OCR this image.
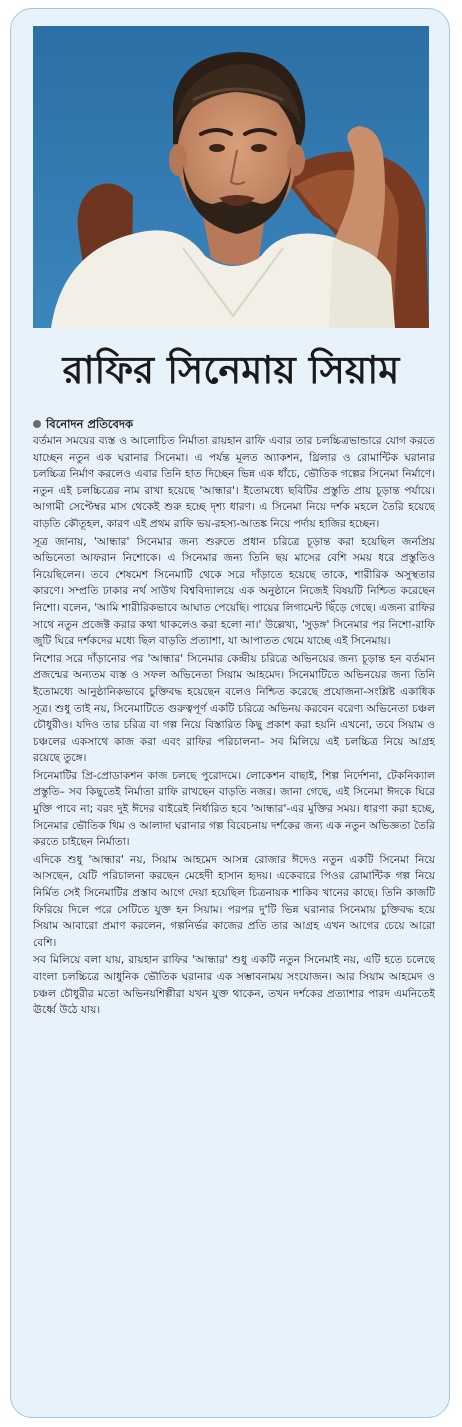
রাফির সিনেমায় সিয়াম
বিনোদন প্রতিবেদক

বর্তমান সময়ের ব্যস্ত ও আলোচিত নির্মাতা রায়হান রাফি এবার তার চলচ্চিত্রভান্ডারে যোগ করতে যাচ্ছেন নতুন এক ঘরানার সিনেমা। এ পর্যন্ত মূলত অ্যাকশন, থ্রিলার ও রোমান্টিক ঘরানার চলচ্চিত্র নির্মাণ করলেও এবার তিনি হাত দিচ্ছেন ভিন্ন এক ধাঁচে, ভৌতিক গল্পের সিনেমা নির্মাণে। নতুন এই চলচ্চিত্রের নাম রাখা হয়েছে 'আন্ধার'। ইতোমধ্যে ছবিটির প্রস্তুতি প্রায় চূড়ান্ত পর্যায়ে। আগামী সেপ্টেম্বর মাস থেকেই শুরু হচ্ছে দৃশ্য ধারণ। এ সিনেমা নিয়ে দর্শক মহলে তৈরি হয়েছে বাড়তি কৌতূহল, কারণ এই প্রথম রাফি ভয়-রহস্য-আতঙ্ক নিয়ে পর্দায় হাজির হচ্ছেন।

সূত্র জানায়, 'আন্ধার' সিনেমার জন্য শুরুতে প্রধান চরিত্রে চূড়ান্ত করা হয়েছিল জনপ্রিয় অভিনেতা আফরান নিশোকে। এ সিনেমার জন্য তিনি ছয় মাসের বেশি সময় ধরে প্রস্তুতিও নিয়েছিলেন। তবে শেষমেশ সিনেমাটি থেকে সরে দাঁড়াতে হয়েছে তাকে, শারীরিক অসুস্থতার কারণে। সম্প্রতি ঢাকার নর্থ সাউথ বিশ্ববিদ্যালয়ে এক অনুষ্ঠানে নিজেই বিষয়টি নিশ্চিত করেছেন নিশো। বলেন, 'আমি শারীরিকভাবে আঘাত পেয়েছি। পায়ের লিগামেন্ট ছিঁড়ে গেছে। এজন্য রাফির সাথে নতুন প্রজেক্ট করার কথা থাকলেও করা হলো না।' উল্লেখ্য, 'সুড়ঙ্গ' সিনেমার পর নিশো-রাফি জুটি ঘিরে দর্শকদের মধ্যে ছিল বাড়তি প্রত্যাশা, যা আপাতত থেমে যাচ্ছে এই সিনেমায়।

নিশোর সরে দাঁড়ানোর পর 'আন্ধার' সিনেমার কেন্দ্রীয় চরিত্রে অভিনয়ের জন্য চূড়ান্ত হন বর্তমান প্রজন্মের অন্যতম ব্যস্ত ও সফল অভিনেতা সিয়াম আহমেদ। সিনেমাটিতে অভিনয়ের জন্য তিনি ইতোমধ্যে আনুষ্ঠানিকভাবে চুক্তিবদ্ধ হয়েছেন বলেও নিশ্চিত করেছে প্রযোজনা-সংশ্লিষ্ট একাধিক সূত্র। শুধু তাই নয়, সিনেমাটিতে গুরুত্বপূর্ণ একটি চরিত্রে অভিনয় করবেন বরেণ্য অভিনেতা চঞ্চল চৌধুরীও। যদিও তার চরিত্র বা গল্প নিয়ে বিস্তারিত কিছু প্রকাশ করা হয়নি এখনো, তবে সিয়াম ও চঞ্চলের একসাথে কাজ করা এবং রাফির পরিচালনা– সব মিলিয়ে এই চলচ্চিত্র নিয়ে আগ্রহ রয়েছে তুঙ্গে।

সিনেমাটির প্রি-প্রোডাকশন কাজ চলছে পুরোদমে। লোকেশন বাছাই, শিল্প নির্দেশনা, টেকনিক্যাল প্রস্তুতি– সব কিছুতেই নির্মাতা রাফি রাখছেন বাড়তি নজর। জানা গেছে, এই সিনেমা ঈদকে ঘিরে মুক্তি পাবে না; বরং দুই ঈদের বাইরেই নির্ধারিত হবে 'আন্ধার'-এর মুক্তির সময়। ধারণা করা হচ্ছে, সিনেমার ভৌতিক থিম ও আলাদা ঘরানার গল্প বিবেচনায় দর্শকের জন্য এক নতুন অভিজ্ঞতা তৈরি করতে চাইছেন নির্মাতা।

এদিকে শুধু 'আন্ধার' নয়, সিয়াম আহমেদ আসন্ন রোজার ঈদেও নতুন একটি সিনেমা নিয়ে আসছেন, যেটি পরিচালনা করছেন মেহেদী হাসান হৃদয়। একেবারে পিওর রোমান্টিক গল্প নিয়ে নির্মিত সেই সিনেমাটির প্রস্তাব আগে দেয়া হয়েছিল চিত্রনায়ক শাকিব খানের কাছে। তিনি কাজটি ফিরিয়ে দিলে পরে সেটিতে যুক্ত হন সিয়াম। পরপর দু'টি ভিন্ন ঘরানার সিনেমায় চুক্তিবদ্ধ হয়ে সিয়াম আবারো প্রমাণ করলেন, গল্পনির্ভর কাজের প্রতি তার আগ্রহ এখন আগের চেয়ে আরো বেশি।

সব মিলিয়ে বলা যায়, রায়হান রাফির 'আন্ধার' শুধু একটি নতুন সিনেমাই নয়, এটি হতে চলেছে বাংলা চলচ্চিত্রে আধুনিক ভৌতিক ঘরানার এক সম্ভাবনাময় সংযোজন। আর সিয়াম আহমেদ ও চঞ্চল চৌধুরীর মতো অভিনয়শিল্পীরা যখন যুক্ত থাকেন, তখন দর্শকের প্রত্যাশার পারদ এমনিতেই ঊর্ধ্বে উঠে যায়।
